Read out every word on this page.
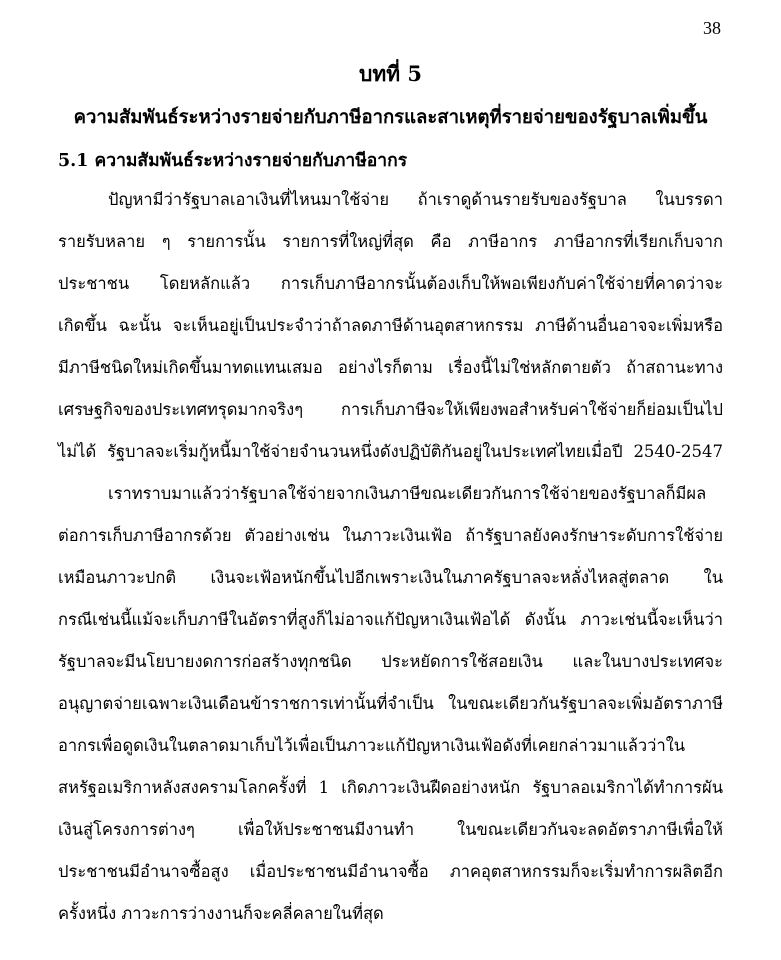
38
บทที่ 5
ความสัมพันธ์ระหว่างรายจ่ายกับภาษีอากรและสาเหตุที่รายจ่ายของรัฐบาลเพิ่มขึ้น
5.1 ความสัมพันธ์ระหว่างรายจ่ายกับภาษีอากร
ปัญหามีว่ารัฐบาลเอาเงินที่ไหนมาใช้จ่าย ถ้าเราดูด้านรายรับของรัฐบาล ในบรรดา
รายรับหลาย ๆ รายการนั้น รายการที่ใหญ่ที่สุด คือ ภาษีอากร ภาษีอากรที่เรียกเก็บจาก
ประชาชน โดยหลักแล้ว การเก็บภาษีอากรนั้นต้องเก็บให้พอเพียงกับค่าใช้จ่ายที่คาดว่าจะ
เกิดขึ้น ฉะนั้น จะเห็นอยู่เป็นประจำว่าถ้าลดภาษีด้านอุตสาหกรรม ภาษีด้านอื่นอาจจะเพิ่มหรือ
มีภาษีชนิดใหม่เกิดขึ้นมาทดแทนเสมอ อย่างไรก็ตาม เรื่องนี้ไม่ใช่หลักตายตัว ถ้าสถานะทาง
เศรษฐกิจของประเทศทรุดมากจริงๆ การเก็บภาษีจะให้เพียงพอสำหรับค่าใช้จ่ายก็ย่อมเป็นไป
ไม่ได้ รัฐบาลจะเริ่มกู้หนี้มาใช้จ่ายจำนวนหนึ่งดังปฏิบัติกันอยู่ในประเทศไทยเมื่อปี 2540-2547
เราทราบมาแล้วว่ารัฐบาลใช้จ่ายจากเงินภาษีขณะเดียวกันการใช้จ่ายของรัฐบาลก็มีผล
ต่อการเก็บภาษีอากรด้วย ตัวอย่างเช่น ในภาวะเงินเฟ้อ ถ้ารัฐบาลยังคงรักษาระดับการใช้จ่าย
เหมือนภาวะปกติ เงินจะเฟ้อหนักขึ้นไปอีกเพราะเงินในภาครัฐบาลจะหลั่งไหลสู่ตลาด ใน
กรณีเช่นนี้แม้จะเก็บภาษีในอัตราที่สูงก็ไม่อาจแก้ปัญหาเงินเฟ้อได้ ดังนั้น ภาวะเช่นนี้จะเห็นว่า
รัฐบาลจะมีนโยบายงดการก่อสร้างทุกชนิด ประหยัดการใช้สอยเงิน และในบางประเทศจะ
อนุญาตจ่ายเฉพาะเงินเดือนข้าราชการเท่านั้นที่จำเป็น ในขณะเดียวกันรัฐบาลจะเพิ่มอัตราภาษี
อากรเพื่อดูดเงินในตลาดมาเก็บไว้เพื่อเป็นภาวะแก้ปัญหาเงินเฟ้อดังที่เคยกล่าวมาแล้วว่าใน
สหรัฐอเมริกาหลังสงครามโลกครั้งที่ 1 เกิดภาวะเงินฝืดอย่างหนัก รัฐบาลอเมริกาได้ทำการผัน
เงินสู่โครงการต่างๆ เพื่อให้ประชาชนมีงานทำ ในขณะเดียวกันจะลดอัตราภาษีเพื่อให้
ประชาชนมีอำนาจซื้อสูง เมื่อประชาชนมีอำนาจซื้อ ภาคอุตสาหกรรมก็จะเริ่มทำการผลิตอีก
ครั้งหนึ่ง ภาวะการว่างงานก็จะคลี่คลายในที่สุด
